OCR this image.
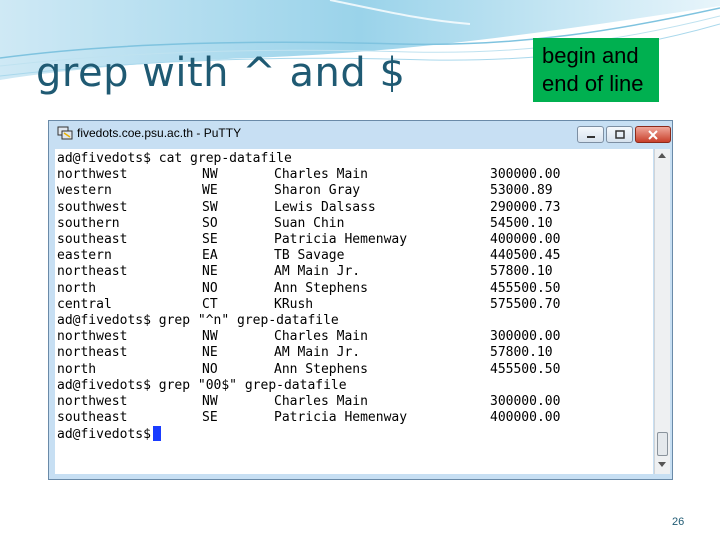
grep with ^ and $	begin and
end of line
fivedots.coe.psu.ac.th - PuTTY
ad@fivedots$ cat grep-datafile
northwest	NW	Charles Main	300000.00
western	WE	Sharon Gray	53000.89
southwest	SW	Lewis Dalsass	290000.73
southern	SO	Suan Chin	54500.10
southeast	SE	Patricia Hemenway	400000.00
eastern	EA	TB Savage	440500.45
northeast	NE	AM Main Jr.	57800.10
north	NO	Ann Stephens	455500.50
central	CT	KRush	575500.70
ad@fivedots$ grep "^n" grep-datafile
northwest	NW	Charles Main	300000.00
northeast	NE	AM Main Jr.	57800.10
north	NO	Ann Stephens	455500.50
ad@fivedots$ grep "00$" grep-datafile
northwest	NW	Charles Main	300000.00
southeast	SE	Patricia Hemenway	400000.00
ad@fivedots$
26
